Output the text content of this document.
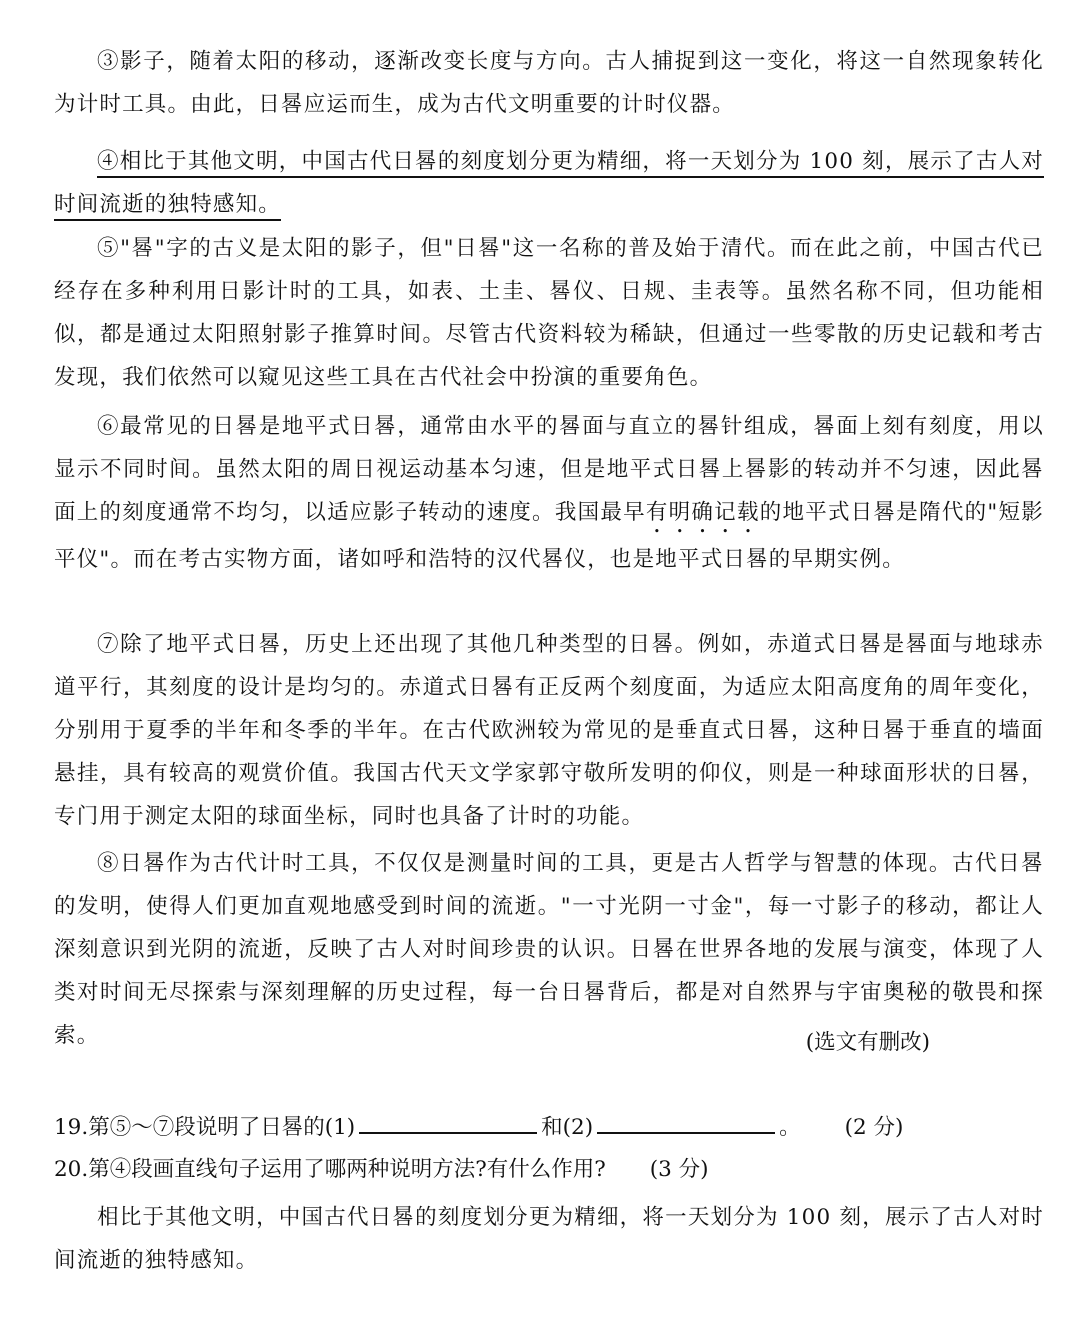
③影子，随着太阳的移动，逐渐改变长度与方向。古人捕捉到这一变化，将这一自然现象转化为计时工具。由此，日晷应运而生，成为古代文明重要的计时仪器。

④相比于其他文明，中国古代日晷的刻度划分更为精细，将一天划分为 100 刻，展示了古人对时间流逝的独特感知。

⑤"晷"字的古义是太阳的影子，但"日晷"这一名称的普及始于清代。而在此之前，中国古代已经存在多种利用日影计时的工具，如表、土圭、晷仪、日规、圭表等。虽然名称不同，但功能相似，都是通过太阳照射影子推算时间。尽管古代资料较为稀缺，但通过一些零散的历史记载和考古发现，我们依然可以窥见这些工具在古代社会中扮演的重要角色。

⑥最常见的日晷是地平式日晷，通常由水平的晷面与直立的晷针组成，晷面上刻有刻度，用以显示不同时间。虽然太阳的周日视运动基本匀速，但是地平式日晷上晷影的转动并不匀速，因此晷面上的刻度通常不均匀，以适应影子转动的速度。我国最早有明确记载的地平式日晷是隋代的"短影平仪"。而在考古实物方面，诸如呼和浩特的汉代晷仪，也是地平式日晷的早期实例。

⑦除了地平式日晷，历史上还出现了其他几种类型的日晷。例如，赤道式日晷是晷面与地球赤道平行，其刻度的设计是均匀的。赤道式日晷有正反两个刻度面，为适应太阳高度角的周年变化，分别用于夏季的半年和冬季的半年。在古代欧洲较为常见的是垂直式日晷，这种日晷于垂直的墙面悬挂，具有较高的观赏价值。我国古代天文学家郭守敬所发明的仰仪，则是一种球面形状的日晷，专门用于测定太阳的球面坐标，同时也具备了计时的功能。

⑧日晷作为古代计时工具，不仅仅是测量时间的工具，更是古人哲学与智慧的体现。古代日晷的发明，使得人们更加直观地感受到时间的流逝。"一寸光阴一寸金"，每一寸影子的移动，都让人深刻意识到光阴的流逝，反映了古人对时间珍贵的认识。日晷在世界各地的发展与演变，体现了人类对时间无尽探索与深刻理解的历史过程，每一台日晷背后，都是对自然界与宇宙奥秘的敬畏和探索。	(选文有删改)
19.第⑤～⑦段说明了日晷的(1)	和(2)	。 (2 分)
20.第④段画直线句子运用了哪两种说明方法?有什么作用? (3 分)

相比于其他文明，中国古代日晷的刻度划分更为精细，将一天划分为 100 刻，展示了古人对时间流逝的独特感知。
